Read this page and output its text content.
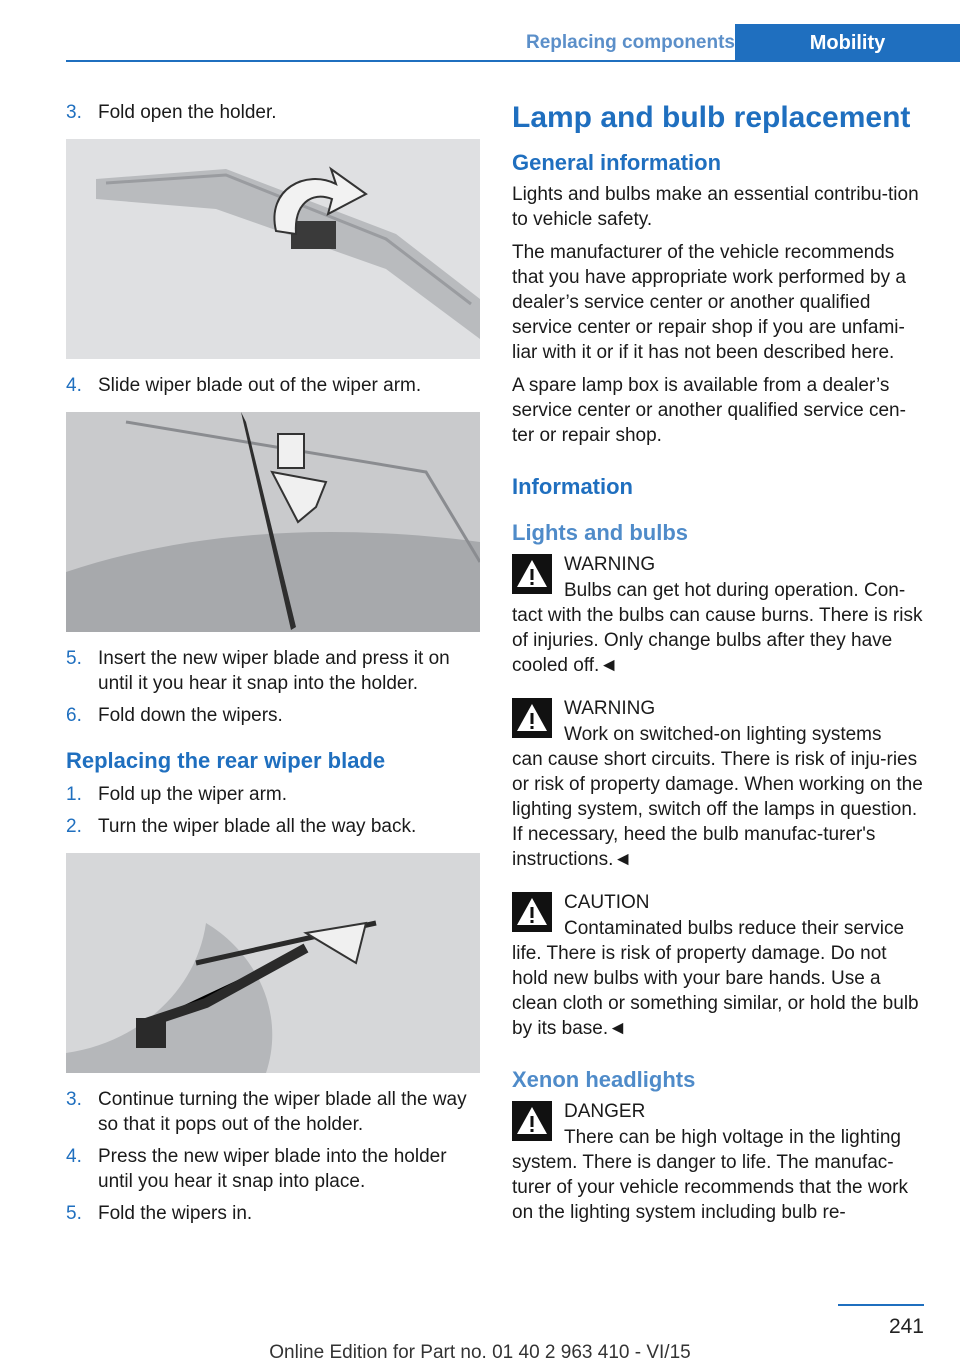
Replacing components	Mobility
3. Fold open the holder.
4. Slide wiper blade out of the wiper arm.
5. Insert the new wiper blade and press it on until it you hear it snap into the holder.
6. Fold down the wipers.
Replacing the rear wiper blade
1. Fold up the wiper arm.
2. Turn the wiper blade all the way back.
3. Continue turning the wiper blade all the way so that it pops out of the holder.
4. Press the new wiper blade into the holder until you hear it snap into place.
5. Fold the wipers in.
Lamp and bulb replacement
General information

Lights and bulbs make an essential contribu-tion to vehicle safety.

The manufacturer of the vehicle recommends that you have appropriate work performed by a dealer’s service center or another qualified service center or repair shop if you are unfami-liar with it or if it has not been described here.

A spare lamp box is available from a dealer’s service center or another qualified service cen-ter or repair shop.

Information
Lights and bulbs
WARNING
Bulbs can get hot during operation. Con-
tact with the bulbs can cause burns. There is risk of injuries. Only change bulbs after they have cooled off.◄
WARNING
Work on switched-on lighting systems
can cause short circuits. There is risk of inju-ries or risk of property damage. When working on the lighting system, switch off the lamps in question. If necessary, heed the bulb manufac-turer's instructions.◄
CAUTION
Contaminated bulbs reduce their service
life. There is risk of property damage. Do not hold new bulbs with your bare hands. Use a clean cloth or something similar, or hold the bulb by its base.◄
Xenon headlights
DANGER
There can be high voltage in the lighting
system. There is danger to life. The manufac-turer of your vehicle recommends that the work on the lighting system including bulb re-
241
Online Edition for Part no. 01 40 2 963 410 - VI/15
